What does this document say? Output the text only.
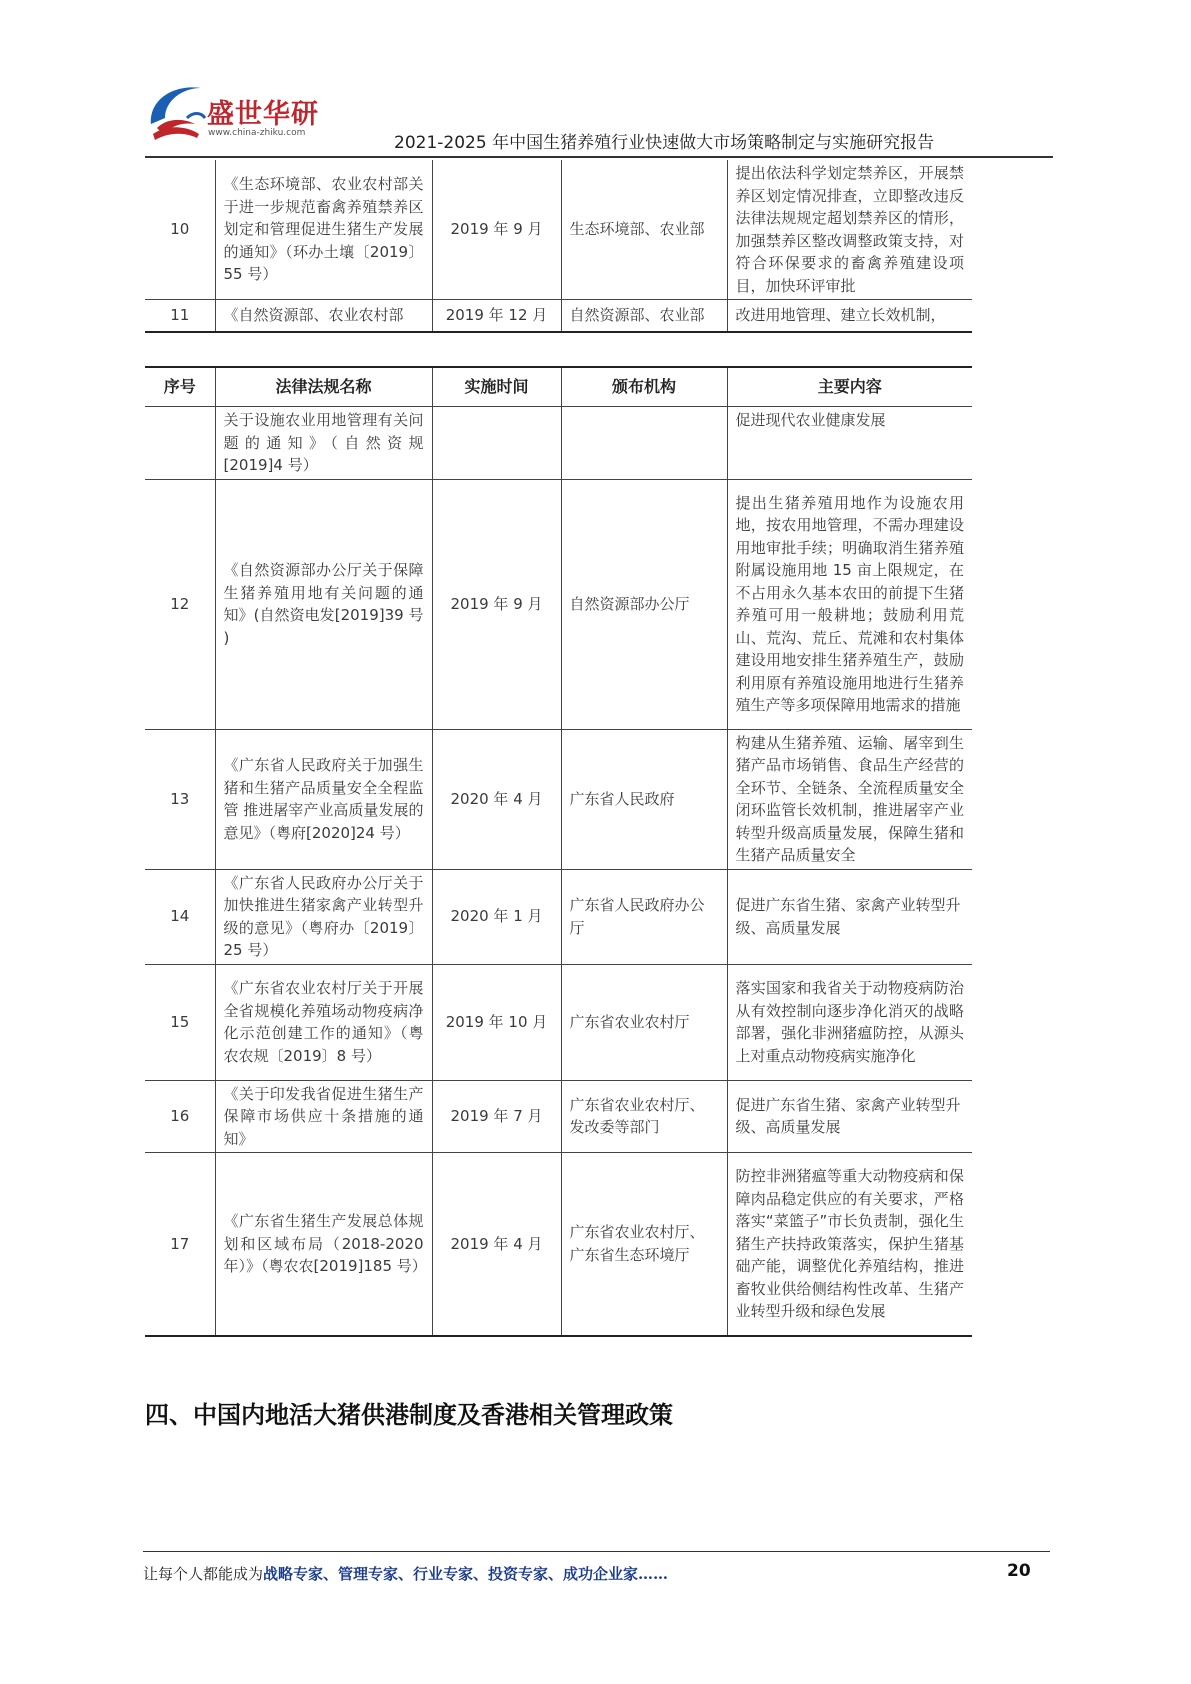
盛世华研
www.china-zhiku.com	2021-2025 年中国生猪养殖行业快速做大市场策略制定与实施研究报告
10	《生态环境部、农业农村部关于进一步规范畜禽养殖禁养区划定和管理促进生猪生产发展的通知》（环办土壤〔2019〕55 号）	2019 年 9 月	生态环境部、农业部	提出依法科学划定禁养区，开展禁养区划定情况排查，立即整改违反法律法规规定超划禁养区的情形，加强禁养区整改调整政策支持，对符合环保要求的畜禽养殖建设项目，加快环评审批
11	《自然资源部、农业农村部	2019 年 12 月	自然资源部、农业部	改进用地管理、建立长效机制，
序号	法律法规名称	实施时间	颁布机构	主要内容
	关于设施农业用地管理有关问题的通知》（自然资规[2019]4 号）			促进现代农业健康发展
12	《自然资源部办公厅关于保障生猪养殖用地有关问题的通知》(自然资电发[2019]39 号 )	2019 年 9 月	自然资源部办公厅	提出生猪养殖用地作为设施农用地，按农用地管理，不需办理建设用地审批手续；明确取消生猪养殖附属设施用地 15 亩上限规定，在不占用永久基本农田的前提下生猪养殖可用一般耕地；鼓励利用荒山、荒沟、荒丘、荒滩和农村集体建设用地安排生猪养殖生产，鼓励利用原有养殖设施用地进行生猪养殖生产等多项保障用地需求的措施
13	《广东省人民政府关于加强生猪和生猪产品质量安全全程监管 推进屠宰产业高质量发展的意见》（粤府[2020]24 号）	2020 年 4 月	广东省人民政府	构建从生猪养殖、运输、屠宰到生猪产品市场销售、食品生产经营的全环节、全链条、全流程质量安全闭环监管长效机制，推进屠宰产业转型升级高质量发展，保障生猪和生猪产品质量安全
14	《广东省人民政府办公厅关于加快推进生猪家禽产业转型升级的意见》（粤府办〔2019〕25 号）	2020 年 1 月	广东省人民政府办公厅	促进广东省生猪、家禽产业转型升级、高质量发展
15	《广东省农业农村厅关于开展全省规模化养殖场动物疫病净化示范创建工作的通知》（粤农农规〔2019〕8 号）	2019 年 10 月	广东省农业农村厅	落实国家和我省关于动物疫病防治从有效控制向逐步净化消灭的战略部署，强化非洲猪瘟防控，从源头上对重点动物疫病实施净化
16	《关于印发我省促进生猪生产保障市场供应十条措施的通知》	2019 年 7 月	广东省农业农村厅、发改委等部门	促进广东省生猪、家禽产业转型升级、高质量发展
17	《广东省生猪生产发展总体规划和区域布局（2018-2020 年）》（粤农农[2019]185 号）	2019 年 4 月	广东省农业农村厅、广东省生态环境厅	防控非洲猪瘟等重大动物疫病和保障肉品稳定供应的有关要求，严格落实“菜篮子”市长负责制，强化生猪生产扶持政策落实，保护生猪基础产能，调整优化养殖结构，推进畜牧业供给侧结构性改革、生猪产业转型升级和绿色发展
四、中国内地活大猪供港制度及香港相关管理政策
让每个人都能成为战略专家、管理专家、行业专家、投资专家、成功企业家……	20
